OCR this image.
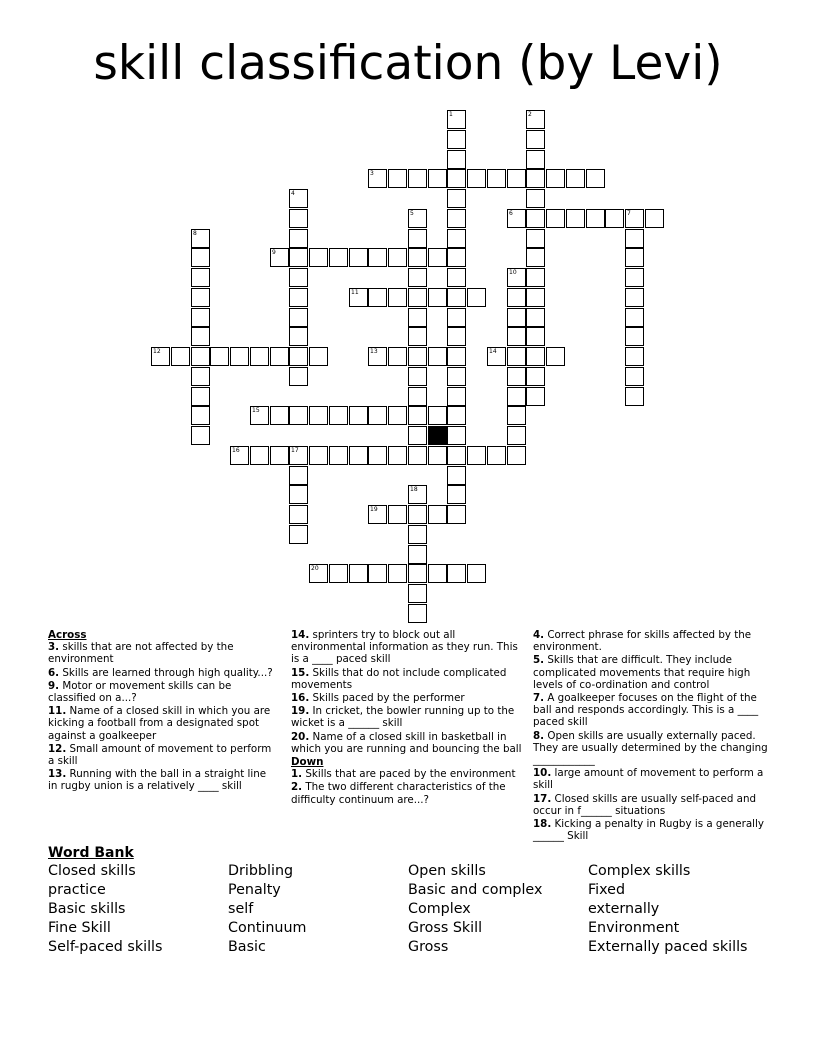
skill classification (by Levi)
1	2
3
4
5	6	7
8
9
10
11
12	13	14
15
16	17
18
19
20
Across
3. skills that are not affected by the environment
6. Skills are learned through high quality...?
9. Motor or movement skills can be classified on a...?
11. Name of a closed skill in which you are kicking a football from a designated spot against a goalkeeper
12. Small amount of movement to perform a skill
13. Running with the ball in a straight line in rugby union is a relatively ____ skill
14. sprinters try to block out all environmental information as they run. This is a ____ paced skill
15. Skills that do not include complicated movements
16. Skills paced by the performer
19. In cricket, the bowler running up to the wicket is a ______ skill
20. Name of a closed skill in basketball in which you are running and bouncing the ball
Down
1. Skills that are paced by the environment
2. The two different characteristics of the difficulty continuum are...?
4. Correct phrase for skills affected by the environment.
5. Skills that are difficult. They include complicated movements that require high levels of co-ordination and control
7. A goalkeeper focuses on the flight of the ball and responds accordingly. This is a ____ paced skill
8. Open skills are usually externally paced. They are usually determined by the changing ____________
10. large amount of movement to perform a skill
17. Closed skills are usually self-paced and occur in f______ situations
18. Kicking a penalty in Rugby is a generally ______ Skill
Word Bank
Closed skills
practice
Basic skills
Fine Skill
Self-paced skills
Dribbling
Penalty
self
Continuum
Basic
Open skills
Basic and complex
Complex
Gross Skill
Gross
Complex skills
Fixed
externally
Environment
Externally paced skills
